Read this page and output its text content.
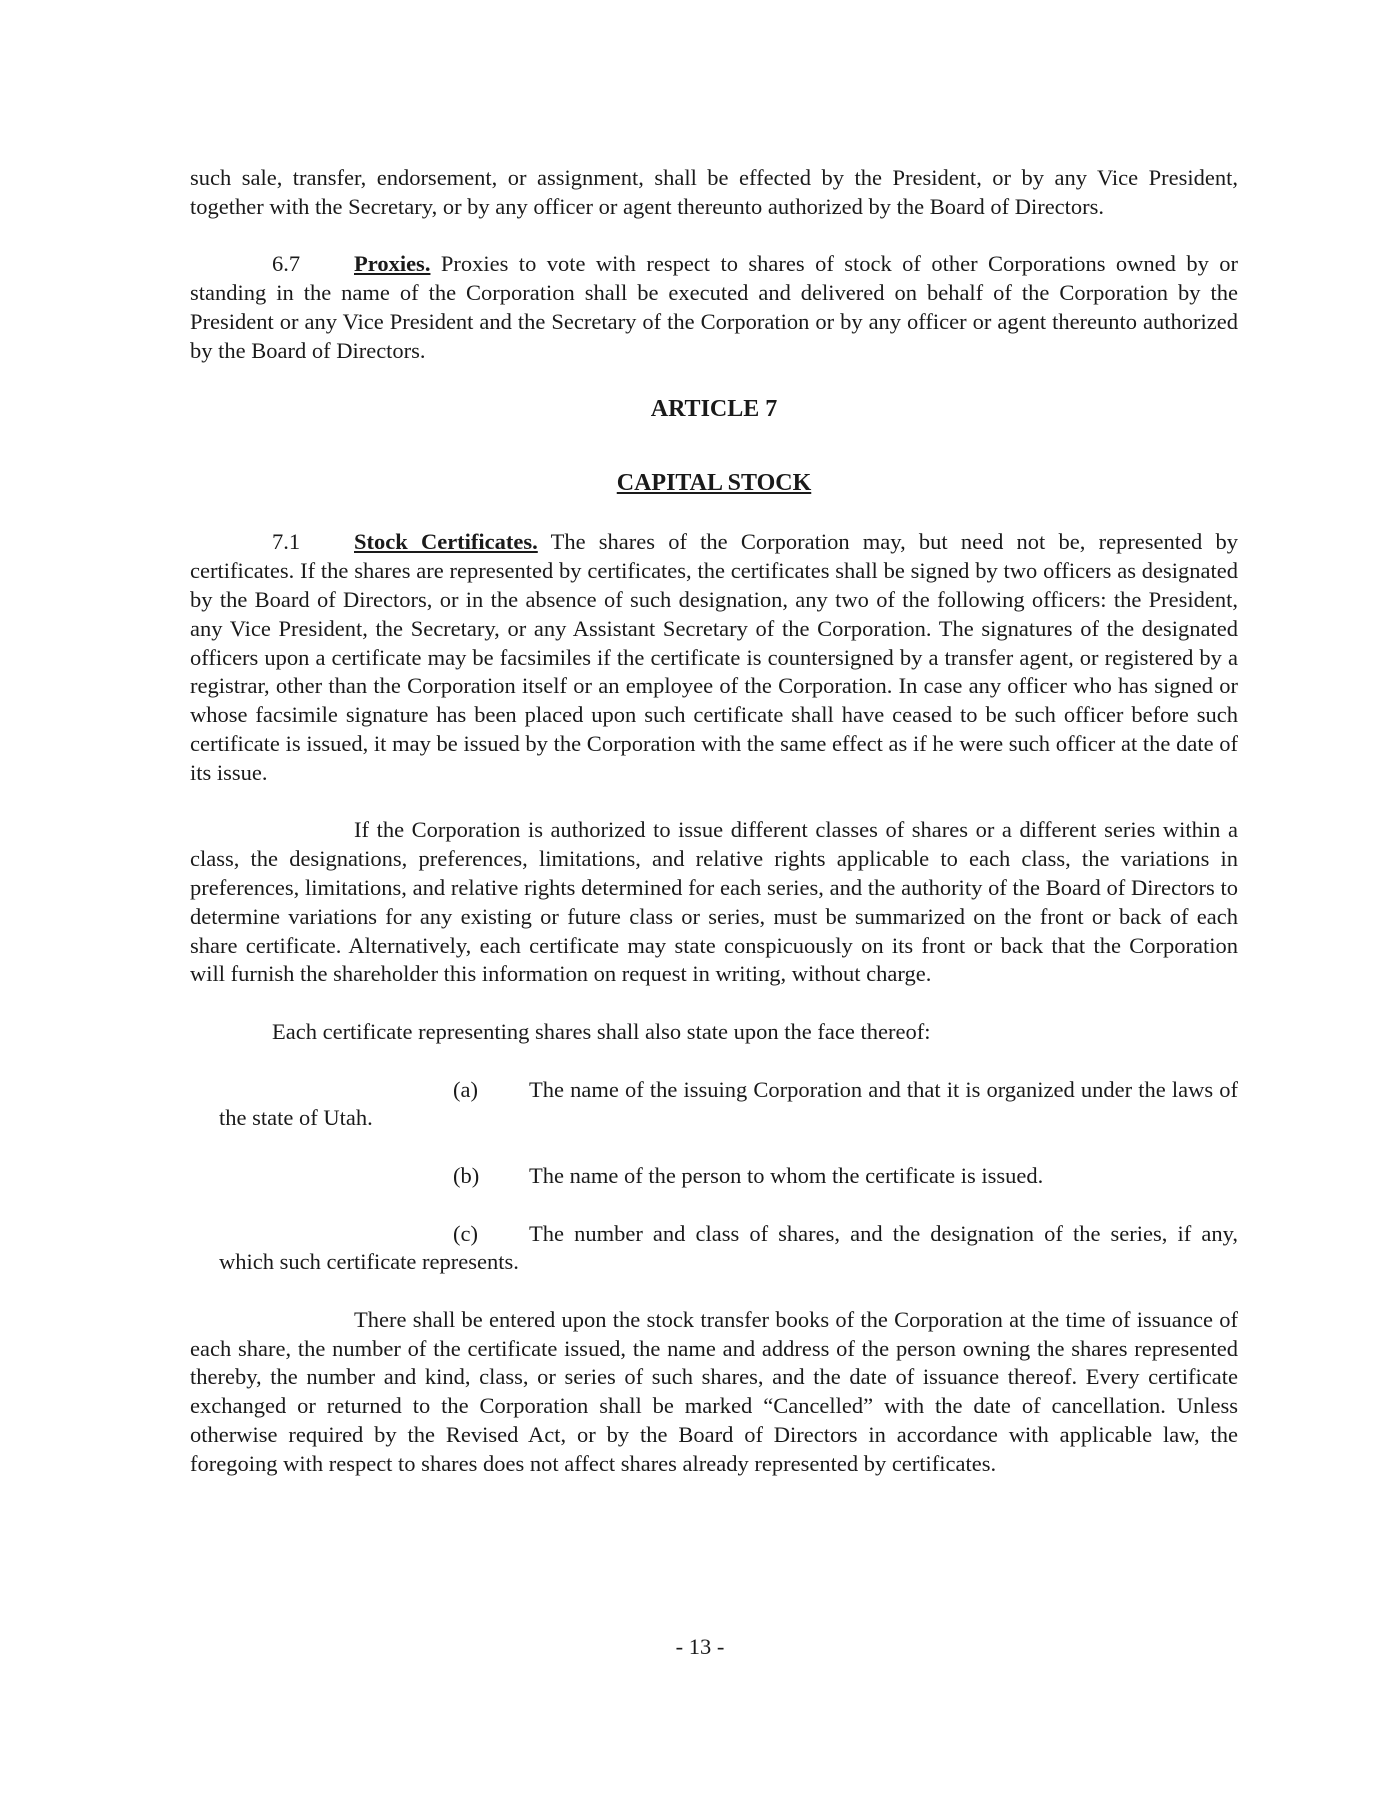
such sale, transfer, endorsement, or assignment, shall be effected by the President, or by any Vice President, together with the Secretary, or by any officer or agent thereunto authorized by the Board of Directors.

6.7 Proxies. Proxies to vote with respect to shares of stock of other Corporations owned by or standing in the name of the Corporation shall be executed and delivered on behalf of the Corporation by the President or any Vice President and the Secretary of the Corporation or by any officer or agent thereunto authorized by the Board of Directors.

ARTICLE 7
CAPITAL STOCK

7.1 Stock Certificates. The shares of the Corporation may, but need not be, represented by certificates. If the shares are represented by certificates, the certificates shall be signed by two officers as designated by the Board of Directors, or in the absence of such designation, any two of the following officers: the President, any Vice President, the Secretary, or any Assistant Secretary of the Corporation. The signatures of the designated officers upon a certificate may be facsimiles if the certificate is countersigned by a transfer agent, or registered by a registrar, other than the Corporation itself or an employee of the Corporation. In case any officer who has signed or whose facsimile signature has been placed upon such certificate shall have ceased to be such officer before such certificate is issued, it may be issued by the Corporation with the same effect as if he were such officer at the date of its issue.

If the Corporation is authorized to issue different classes of shares or a different series within a class, the designations, preferences, limitations, and relative rights applicable to each class, the variations in preferences, limitations, and relative rights determined for each series, and the authority of the Board of Directors to determine variations for any existing or future class or series, must be summarized on the front or back of each share certificate. Alternatively, each certificate may state conspicuously on its front or back that the Corporation will furnish the shareholder this information on request in writing, without charge.

Each certificate representing shares shall also state upon the face thereof:

(a) The name of the issuing Corporation and that it is organized under the laws of the state of Utah.

(b) The name of the person to whom the certificate is issued.

(c) The number and class of shares, and the designation of the series, if any, which such certificate represents.

There shall be entered upon the stock transfer books of the Corporation at the time of issuance of each share, the number of the certificate issued, the name and address of the person owning the shares represented thereby, the number and kind, class, or series of such shares, and the date of issuance thereof. Every certificate exchanged or returned to the Corporation shall be marked “Cancelled” with the date of cancellation. Unless otherwise required by the Revised Act, or by the Board of Directors in accordance with applicable law, the foregoing with respect to shares does not affect shares already represented by certificates.

- 13 -
